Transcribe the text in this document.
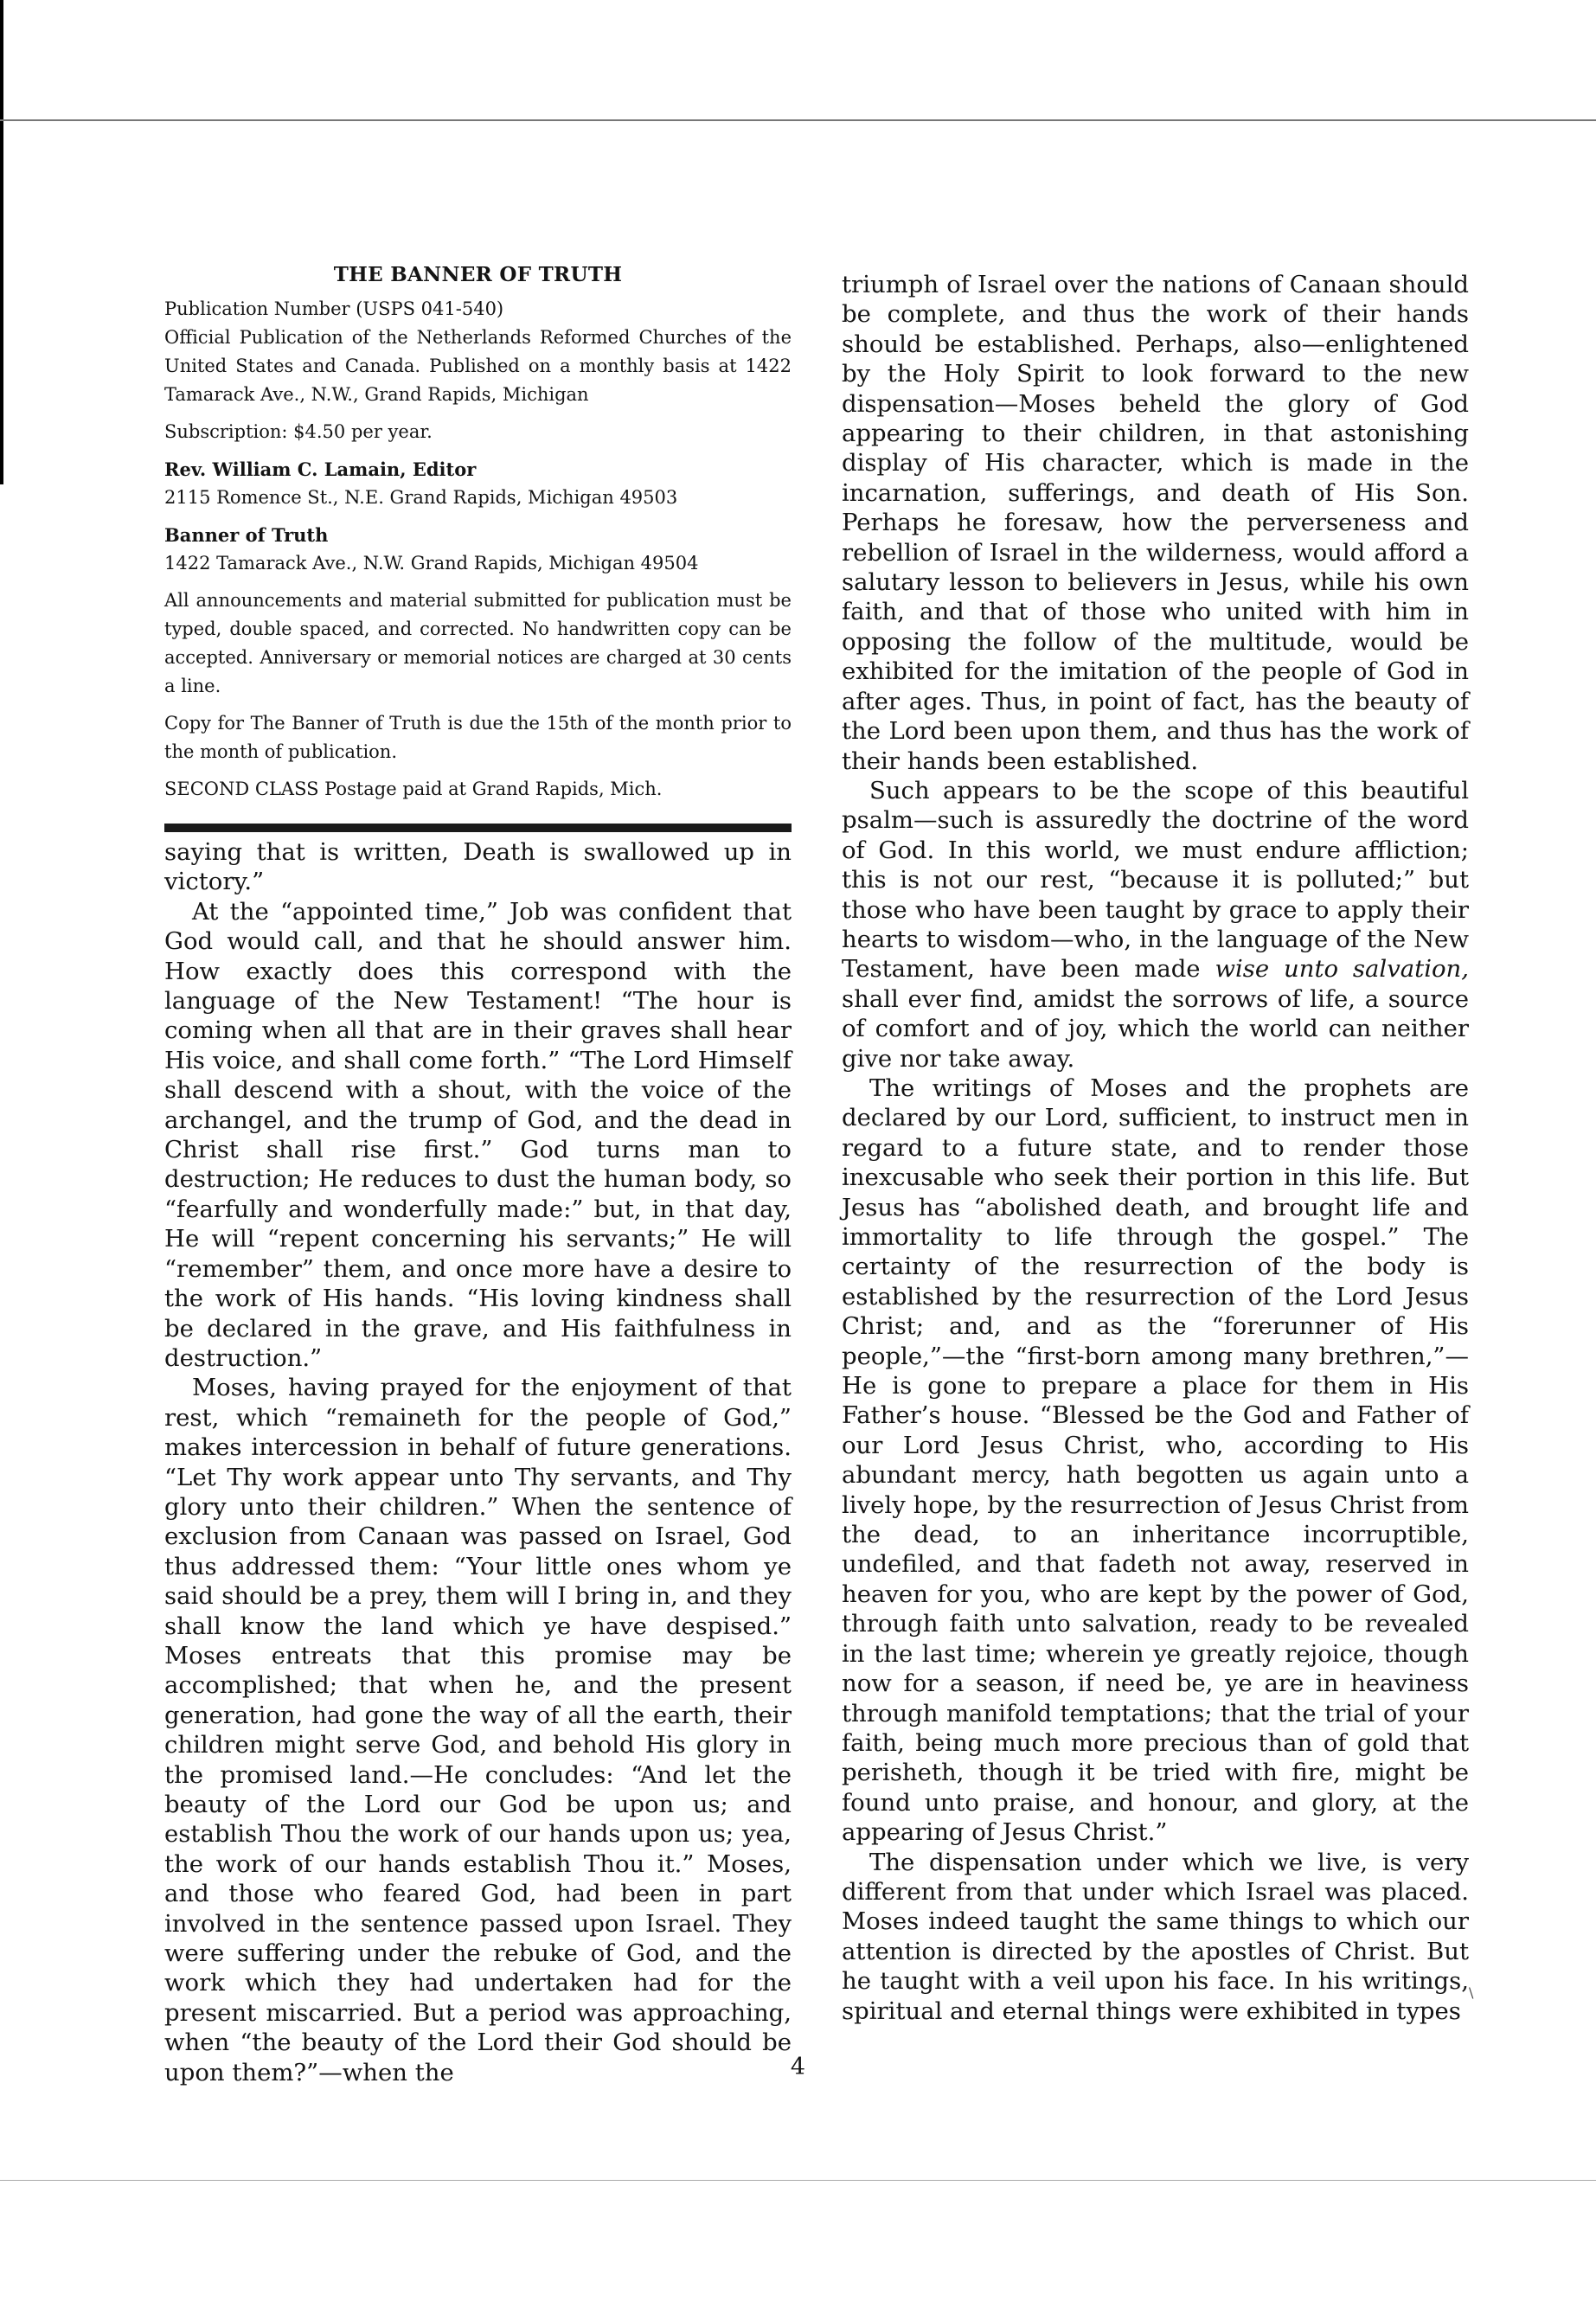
THE BANNER OF TRUTH

Publication Number (USPS 041-540)

Official Publication of the Netherlands Reformed Churches of the United States and Canada. Published on a monthly basis at 1422 Tamarack Ave., N.W., Grand Rapids, Michigan

Subscription: $4.50 per year.

Rev. William C. Lamain, Editor

2115 Romence St., N.E. Grand Rapids, Michigan 49503

Banner of Truth

1422 Tamarack Ave., N.W. Grand Rapids, Michigan 49504

All announcements and material submitted for publication must be typed, double spaced, and corrected. No handwritten copy can be accepted. Anniversary or memorial notices are charged at 30 cents a line.

Copy for The Banner of Truth is due the 15th of the month prior to the month of publication.

SECOND CLASS Postage paid at Grand Rapids, Mich.

saying that is written, Death is swallowed up in victory.”

At the “appointed time,” Job was confident that God would call, and that he should answer him. How exactly does this correspond with the language of the New Testament! “The hour is coming when all that are in their graves shall hear His voice, and shall come forth.” “The Lord Himself shall descend with a shout, with the voice of the archangel, and the trump of God, and the dead in Christ shall rise first.” God turns man to destruction; He reduces to dust the human body, so “fearfully and wonderfully made:” but, in that day, He will “repent concerning his servants;” He will “remember” them, and once more have a desire to the work of His hands. “His loving kindness shall be declared in the grave, and His faithfulness in destruction.”

Moses, having prayed for the enjoyment of that rest, which “remaineth for the people of God,” makes intercession in behalf of future generations. “Let Thy work appear unto Thy servants, and Thy glory unto their children.” When the sentence of exclusion from Canaan was passed on Israel, God thus addressed them: “Your little ones whom ye said should be a prey, them will I bring in, and they shall know the land which ye have despised.” Moses entreats that this promise may be accomplished; that when he, and the present generation, had gone the way of all the earth, their children might serve God, and behold His glory in the promised land.—He concludes: “And let the beauty of the Lord our God be upon us; and establish Thou the work of our hands upon us; yea, the work of our hands establish Thou it.” Moses, and those who feared God, had been in part involved in the sentence passed upon Israel. They were suffering under the rebuke of God, and the work which they had undertaken had for the present miscarried. But a period was approaching, when “the beauty of the Lord their God should be upon them?”—when the

triumph of Israel over the nations of Canaan should be complete, and thus the work of their hands should be established. Perhaps, also—enlightened by the Holy Spirit to look forward to the new dispensation—Moses beheld the glory of God appearing to their children, in that astonishing display of His character, which is made in the incarnation, sufferings, and death of His Son. Perhaps he foresaw, how the perverseness and rebellion of Israel in the wilderness, would afford a salutary lesson to believers in Jesus, while his own faith, and that of those who united with him in opposing the follow of the multitude, would be exhibited for the imitation of the people of God in after ages. Thus, in point of fact, has the beauty of the Lord been upon them, and thus has the work of their hands been established.

Such appears to be the scope of this beautiful psalm—such is assuredly the doctrine of the word of God. In this world, we must endure affliction; this is not our rest, “because it is polluted;” but those who have been taught by grace to apply their hearts to wisdom—who, in the language of the New Testament, have been made wise unto salvation, shall ever find, amidst the sorrows of life, a source of comfort and of joy, which the world can neither give nor take away.

The writings of Moses and the prophets are declared by our Lord, sufficient, to instruct men in regard to a future state, and to render those inexcusable who seek their portion in this life. But Jesus has “abolished death, and brought life and immortality to life through the gospel.” The certainty of the resurrection of the body is established by the resurrection of the Lord Jesus Christ; and, and as the “forerunner of His people,”—the “first-born among many brethren,”—He is gone to prepare a place for them in His Father’s house. “Blessed be the God and Father of our Lord Jesus Christ, who, according to His abundant mercy, hath begotten us again unto a lively hope, by the resurrection of Jesus Christ from the dead, to an inheritance incorruptible, undefiled, and that fadeth not away, reserved in heaven for you, who are kept by the power of God, through faith unto salvation, ready to be revealed in the last time; wherein ye greatly rejoice, though now for a season, if need be, ye are in heaviness through manifold temptations; that the trial of your faith, being much more precious than of gold that perisheth, though it be tried with fire, might be found unto praise, and honour, and glory, at the appearing of Jesus Christ.”

The dispensation under which we live, is very different from that under which Israel was placed. Moses indeed taught the same things to which our attention is directed by the apostles of Christ. But he taught with a veil upon his face. In his writings, spiritual and eternal things were exhibited in types

\
4
